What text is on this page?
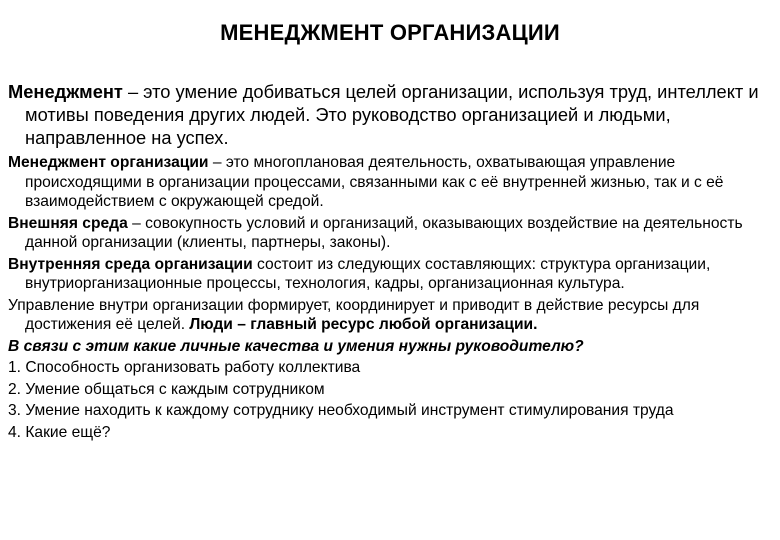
МЕНЕДЖМЕНТ ОРГАНИЗАЦИИ

Менеджмент – это умение добиваться целей организации, используя труд, интеллект и мотивы поведения других людей. Это руководство организацией и людьми, направленное на успех.

Менеджмент организации – это многоплановая деятельность, охватывающая управление происходящими в организации процессами, связанными как с её внутренней жизнью, так и с её взаимодействием с окружающей средой.

Внешняя среда – совокупность условий и организаций, оказывающих воздействие на деятельность данной организации (клиенты, партнеры, законы).

Внутренняя среда организации состоит из следующих составляющих: структура организации, внутриорганизационные процессы, технология, кадры, организационная культура.

Управление внутри организации формирует, координирует и приводит в действие ресурсы для достижения её целей. Люди – главный ресурс любой организации.

В связи с этим какие личные качества и умения нужны руководителю?

1. Способность организовать работу коллектива

2. Умение общаться с каждым сотрудником

3. Умение находить к каждому сотруднику необходимый инструмент стимулирования труда

4. Какие ещё?
